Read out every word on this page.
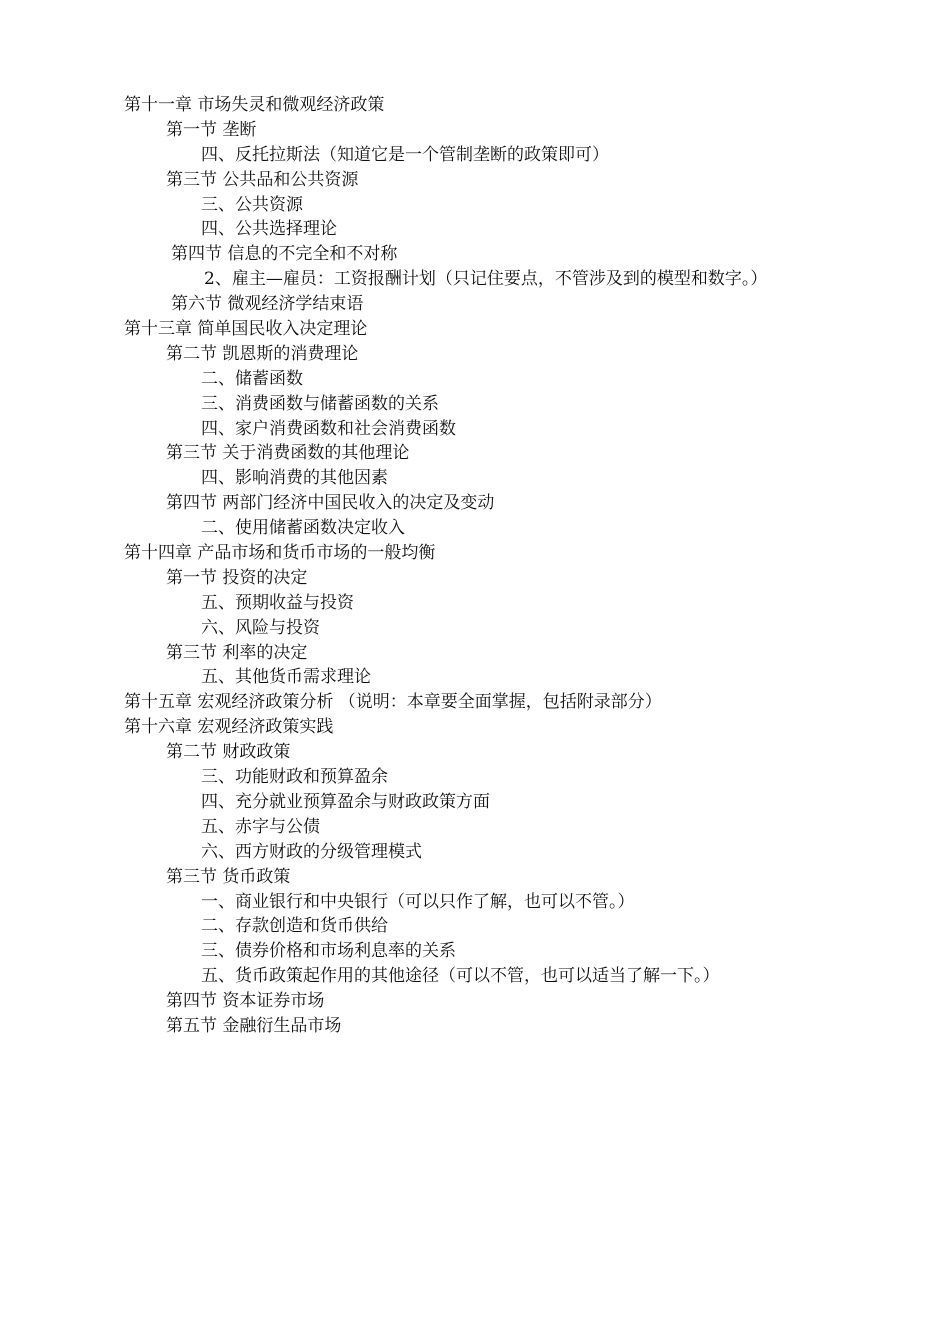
第十一章 市场失灵和微观经济政策
第一节 垄断
四、反托拉斯法（知道它是一个管制垄断的政策即可）
第三节 公共品和公共资源
三、公共资源
四、公共选择理论
第四节 信息的不完全和不对称
2、雇主—雇员：工资报酬计划（只记住要点，不管涉及到的模型和数字。）
第六节 微观经济学结束语
第十三章 简单国民收入决定理论
第二节 凯恩斯的消费理论
二、储蓄函数
三、消费函数与储蓄函数的关系
四、家户消费函数和社会消费函数
第三节 关于消费函数的其他理论
四、影响消费的其他因素
第四节 两部门经济中国民收入的决定及变动
二、使用储蓄函数决定收入
第十四章 产品市场和货币市场的一般均衡
第一节 投资的决定
五、预期收益与投资
六、风险与投资
第三节 利率的决定
五、其他货币需求理论
第十五章 宏观经济政策分析 （说明：本章要全面掌握，包括附录部分）
第十六章 宏观经济政策实践
第二节 财政政策
三、功能财政和预算盈余
四、充分就业预算盈余与财政政策方面
五、赤字与公债
六、西方财政的分级管理模式
第三节 货币政策
一、商业银行和中央银行（可以只作了解，也可以不管。）
二、存款创造和货币供给
三、债券价格和市场利息率的关系
五、货币政策起作用的其他途径（可以不管，也可以适当了解一下。）
第四节 资本证券市场
第五节 金融衍生品市场
